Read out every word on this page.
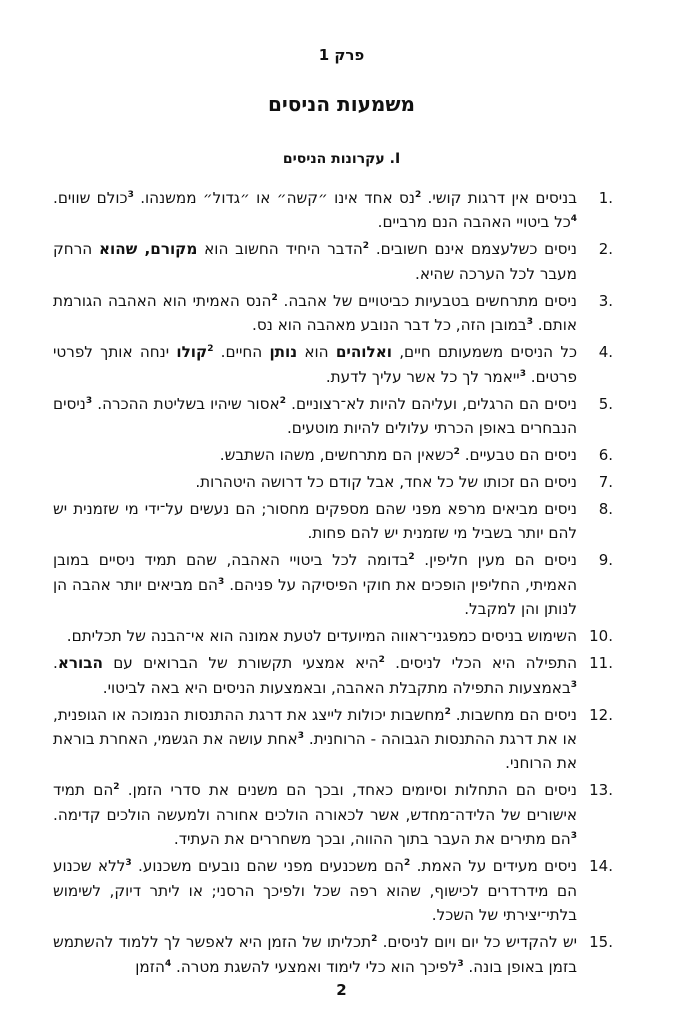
פרק 1
משמעות הניסים
I. עקרונות הניסים
1.
בניסים אין דרגות קושי. $^2$נס אחד אינו ״קשה״ או ״גדול״ ממשנהו. $^3$כולם שווים. $^4$כל ביטויי האהבה הנם מרביים.
2.
ניסים כשלעצמם אינם חשובים. $^2$הדבר היחיד החשוב הוא מקורם, שהוא הרחק מעבר לכל הערכה שהיא.
3.
ניסים מתרחשים בטבעיות כביטויים של אהבה. $^2$הנס האמיתי הוא האהבה הגורמת אותם. $^3$במובן הזה, כל דבר הנובע מאהבה הוא נס.
4.
כל הניסים משמעותם חיים, ואלוהים הוא נותן החיים. $^2$קולו ינחה אותך לפרטי פרטים. $^3$ייאמר לך כל אשר עליך לדעת.
5.
ניסים הם הרגלים, ועליהם להיות לא־רצוניים. $^2$אסור שיהיו בשליטת ההכרה. $^3$ניסים הנבחרים באופן הכרתי עלולים להיות מוטעים.
6.
ניסים הם טבעיים. $^2$כשאין הם מתרחשים, משהו השתבש.
7.
ניסים הם זכותו של כל אחד, אבל קודם כל דרושה היטהרות.
8.
ניסים מביאים מרפא מפני שהם מספקים מחסור; הם נעשים על־ידי מי שזמנית יש להם יותר בשביל מי שזמנית יש להם פחות.
9.
ניסים הם מעין חליפין. $^2$בדומה לכל ביטויי האהבה, שהם תמיד ניסיים במובן האמיתי, החליפין הופכים את חוקי הפיסיקה על פניהם. $^3$הם מביאים יותר אהבה הן לנותן והן למקבל.
10.
השימוש בניסים כמפגני־ראווה המיועדים לטעת אמונה הוא אי־הבנה של תכליתם.
11.
התפילה היא הכלי לניסים. $^2$היא אמצעי תקשורת של הברואים עם הבורא. $^3$באמצעות התפילה מתקבלת האהבה, ובאמצעות הניסים היא באה לביטוי.
12.
ניסים הם מחשבות. $^2$מחשבות יכולות לייצג את דרגת ההתנסות הנמוכה או הגופנית, או את דרגת ההתנסות הגבוהה - הרוחנית. $^3$אחת עושה את הגשמי, האחרת בוראת את הרוחני.
13.
ניסים הם התחלות וסיומים כאחד, ובכך הם משנים את סדרי הזמן. $^2$הם תמיד אישורים של הלידה־מחדש, אשר לכאורה הולכים אחורה ולמעשה הולכים קדימה. $^3$הם מתירים את העבר בתוך ההווה, ובכך משחררים את העתיד.
14.
ניסים מעידים על האמת. $^2$הם משכנעים מפני שהם נובעים משכנוע. $^3$ללא שכנוע הם מידרדרים לכישוף, שהוא רפה שכל ולפיכך הרסני; או ליתר דיוק, לשימוש בלתי־יצירתי של השכל.
15.
יש להקדיש כל יום ויום לניסים. $^2$תכליתו של הזמן היא לאפשר לך ללמוד להשתמש בזמן באופן בונה. $^3$לפיכך הוא כלי לימוד ואמצעי להשגת מטרה. $^4$הזמן
2
